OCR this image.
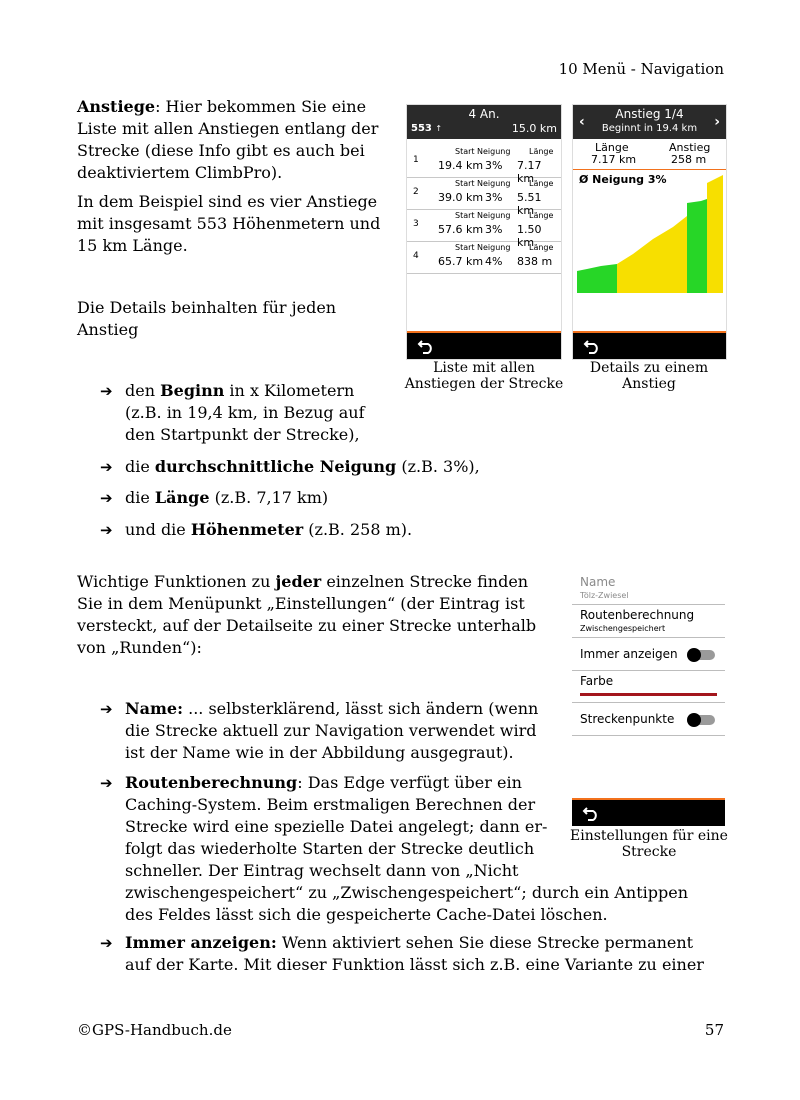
10 Menü - Navigation
Anstiege: Hier bekommen Sie eine
Liste mit allen Anstiegen entlang der
Strecke (diese Info gibt es auch bei
deaktiviertem ClimbPro).
In dem Beispiel sind es vier Anstiege
mit insgesamt 553 Höhenmetern und
15 km Länge.
Die Details beinhalten für jeden
Anstieg
4 An.
553 ↑	15.0 km
1
Start Neigung Länge
19.4 km 3% 7.17 km
2
Start Neigung Länge
39.0 km 3% 5.51 km
3
Start Neigung Länge
57.6 km 3% 1.50 km
4
Start Neigung Länge
65.7 km 4% 838 m
Liste mit allen
Anstiegen der Strecke
‹	Anstieg 1/4
Beginnt in 19.4 km	›
Länge
7.17 km
Anstieg
258 m
Ø Neigung 3%
Details zu einem
Anstieg
➔ den Beginn in x Kilometern
(z.B. in 19,4 km, in Bezug auf
den Startpunkt der Strecke),
➔ die durchschnittliche Neigung (z.B. 3%),
➔ die Länge (z.B. 7,17 km)
➔ und die Höhenmeter (z.B. 258 m).
Wichtige Funktionen zu jeder einzelnen Strecke finden
Sie in dem Menüpunkt „Einstellungen“ (der Eintrag ist
versteckt, auf der Detailseite zu einer Strecke unterhalb
von „Runden“):
Name
Tölz-Zwiesel
Routenberechnung
Zwischengespeichert
Immer anzeigen
Farbe
Streckenpunkte
Einstellungen für eine
Strecke
➔ Name: ... selbsterklärend, lässt sich ändern (wenn
die Strecke aktuell zur Navigation verwendet wird
ist der Name wie in der Abbildung ausgegraut).
➔ Routenberechnung: Das Edge verfügt über ein
Caching-System. Beim erstmaligen Berechnen der
Strecke wird eine spezielle Datei angelegt; dann er-
folgt das wiederholte Starten der Strecke deutlich
schneller. Der Eintrag wechselt dann von „Nicht
zwischengespeichert“ zu „Zwischengespeichert“; durch ein Antippen
des Feldes lässt sich die gespeicherte Cache-Datei löschen.
➔ Immer anzeigen: Wenn aktiviert sehen Sie diese Strecke permanent
auf der Karte. Mit dieser Funktion lässt sich z.B. eine Variante zu einer
©GPS-Handbuch.de	57
